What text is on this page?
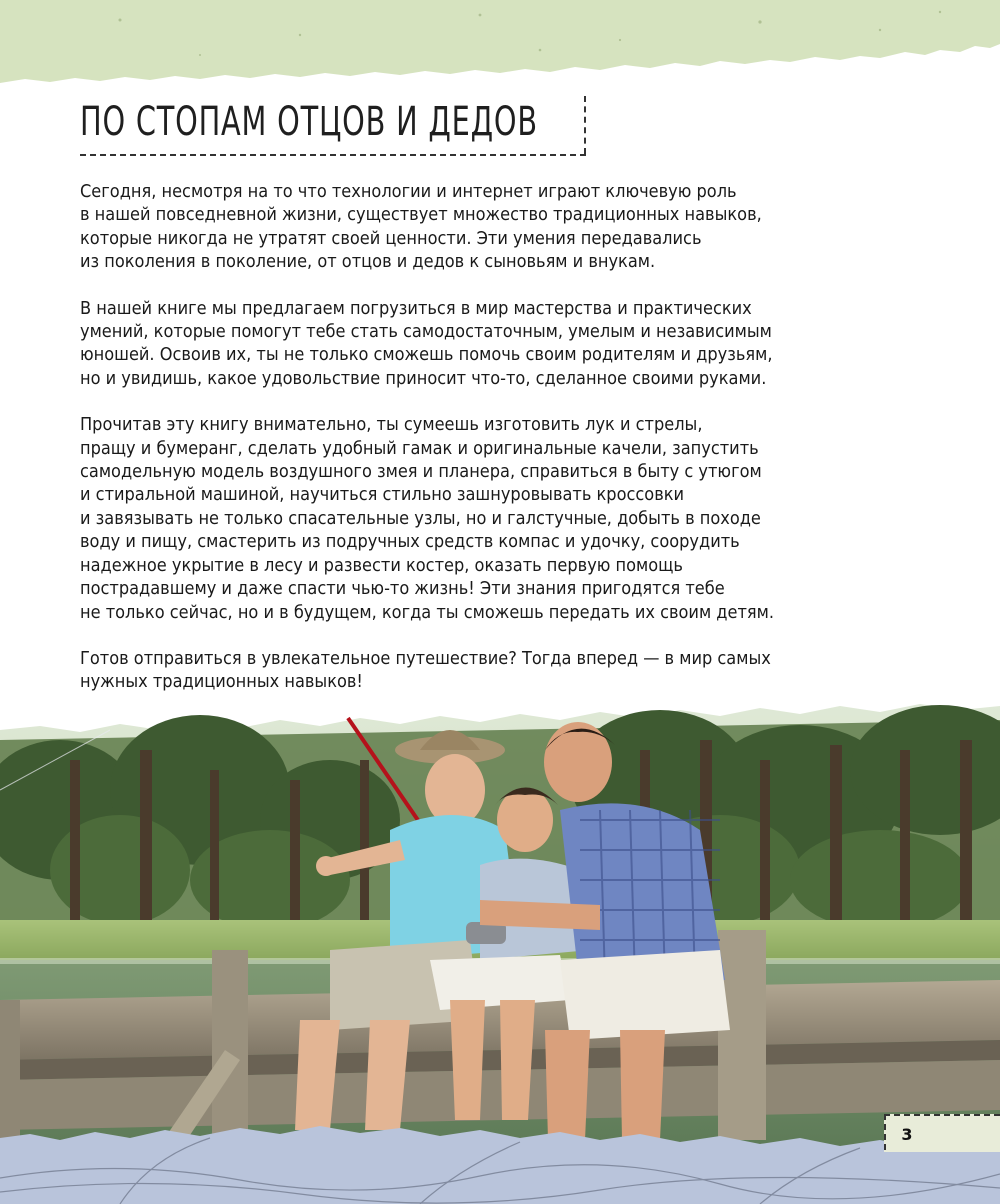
ПО СТОПАМ ОТЦОВ И ДЕДОВ

Сегодня, несмотря на то что технологии и интернет играют ключевую роль
в нашей повседневной жизни, существует множество традиционных навыков,
которые никогда не утратят своей ценности. Эти умения передавались
из поколения в поколение, от отцов и дедов к сыновьям и внукам.

В нашей книге мы предлагаем погрузиться в мир мастерства и практических
умений, которые помогут тебе стать самодостаточным, умелым и независимым
юношей. Освоив их, ты не только сможешь помочь своим родителям и друзьям,
но и увидишь, какое удовольствие приносит что-то, сделанное своими руками.

Прочитав эту книгу внимательно, ты сумеешь изготовить лук и стрелы,
пращу и бумеранг, сделать удобный гамак и оригинальные качели, запустить
самодельную модель воздушного змея и планера, справиться в быту с утюгом
и стиральной машиной, научиться стильно зашнуровывать кроссовки
и завязывать не только спасательные узлы, но и галстучные, добыть в походе
воду и пищу, смастерить из подручных средств компас и удочку, соорудить
надежное укрытие в лесу и развести костер, оказать первую помощь
пострадавшему и даже спасти чью-то жизнь! Эти знания пригодятся тебе
не только сейчас, но и в будущем, когда ты сможешь передать их своим детям.

Готов отправиться в увлекательное путешествие? Тогда вперед — в мир самых
нужных традиционных навыков!

3
